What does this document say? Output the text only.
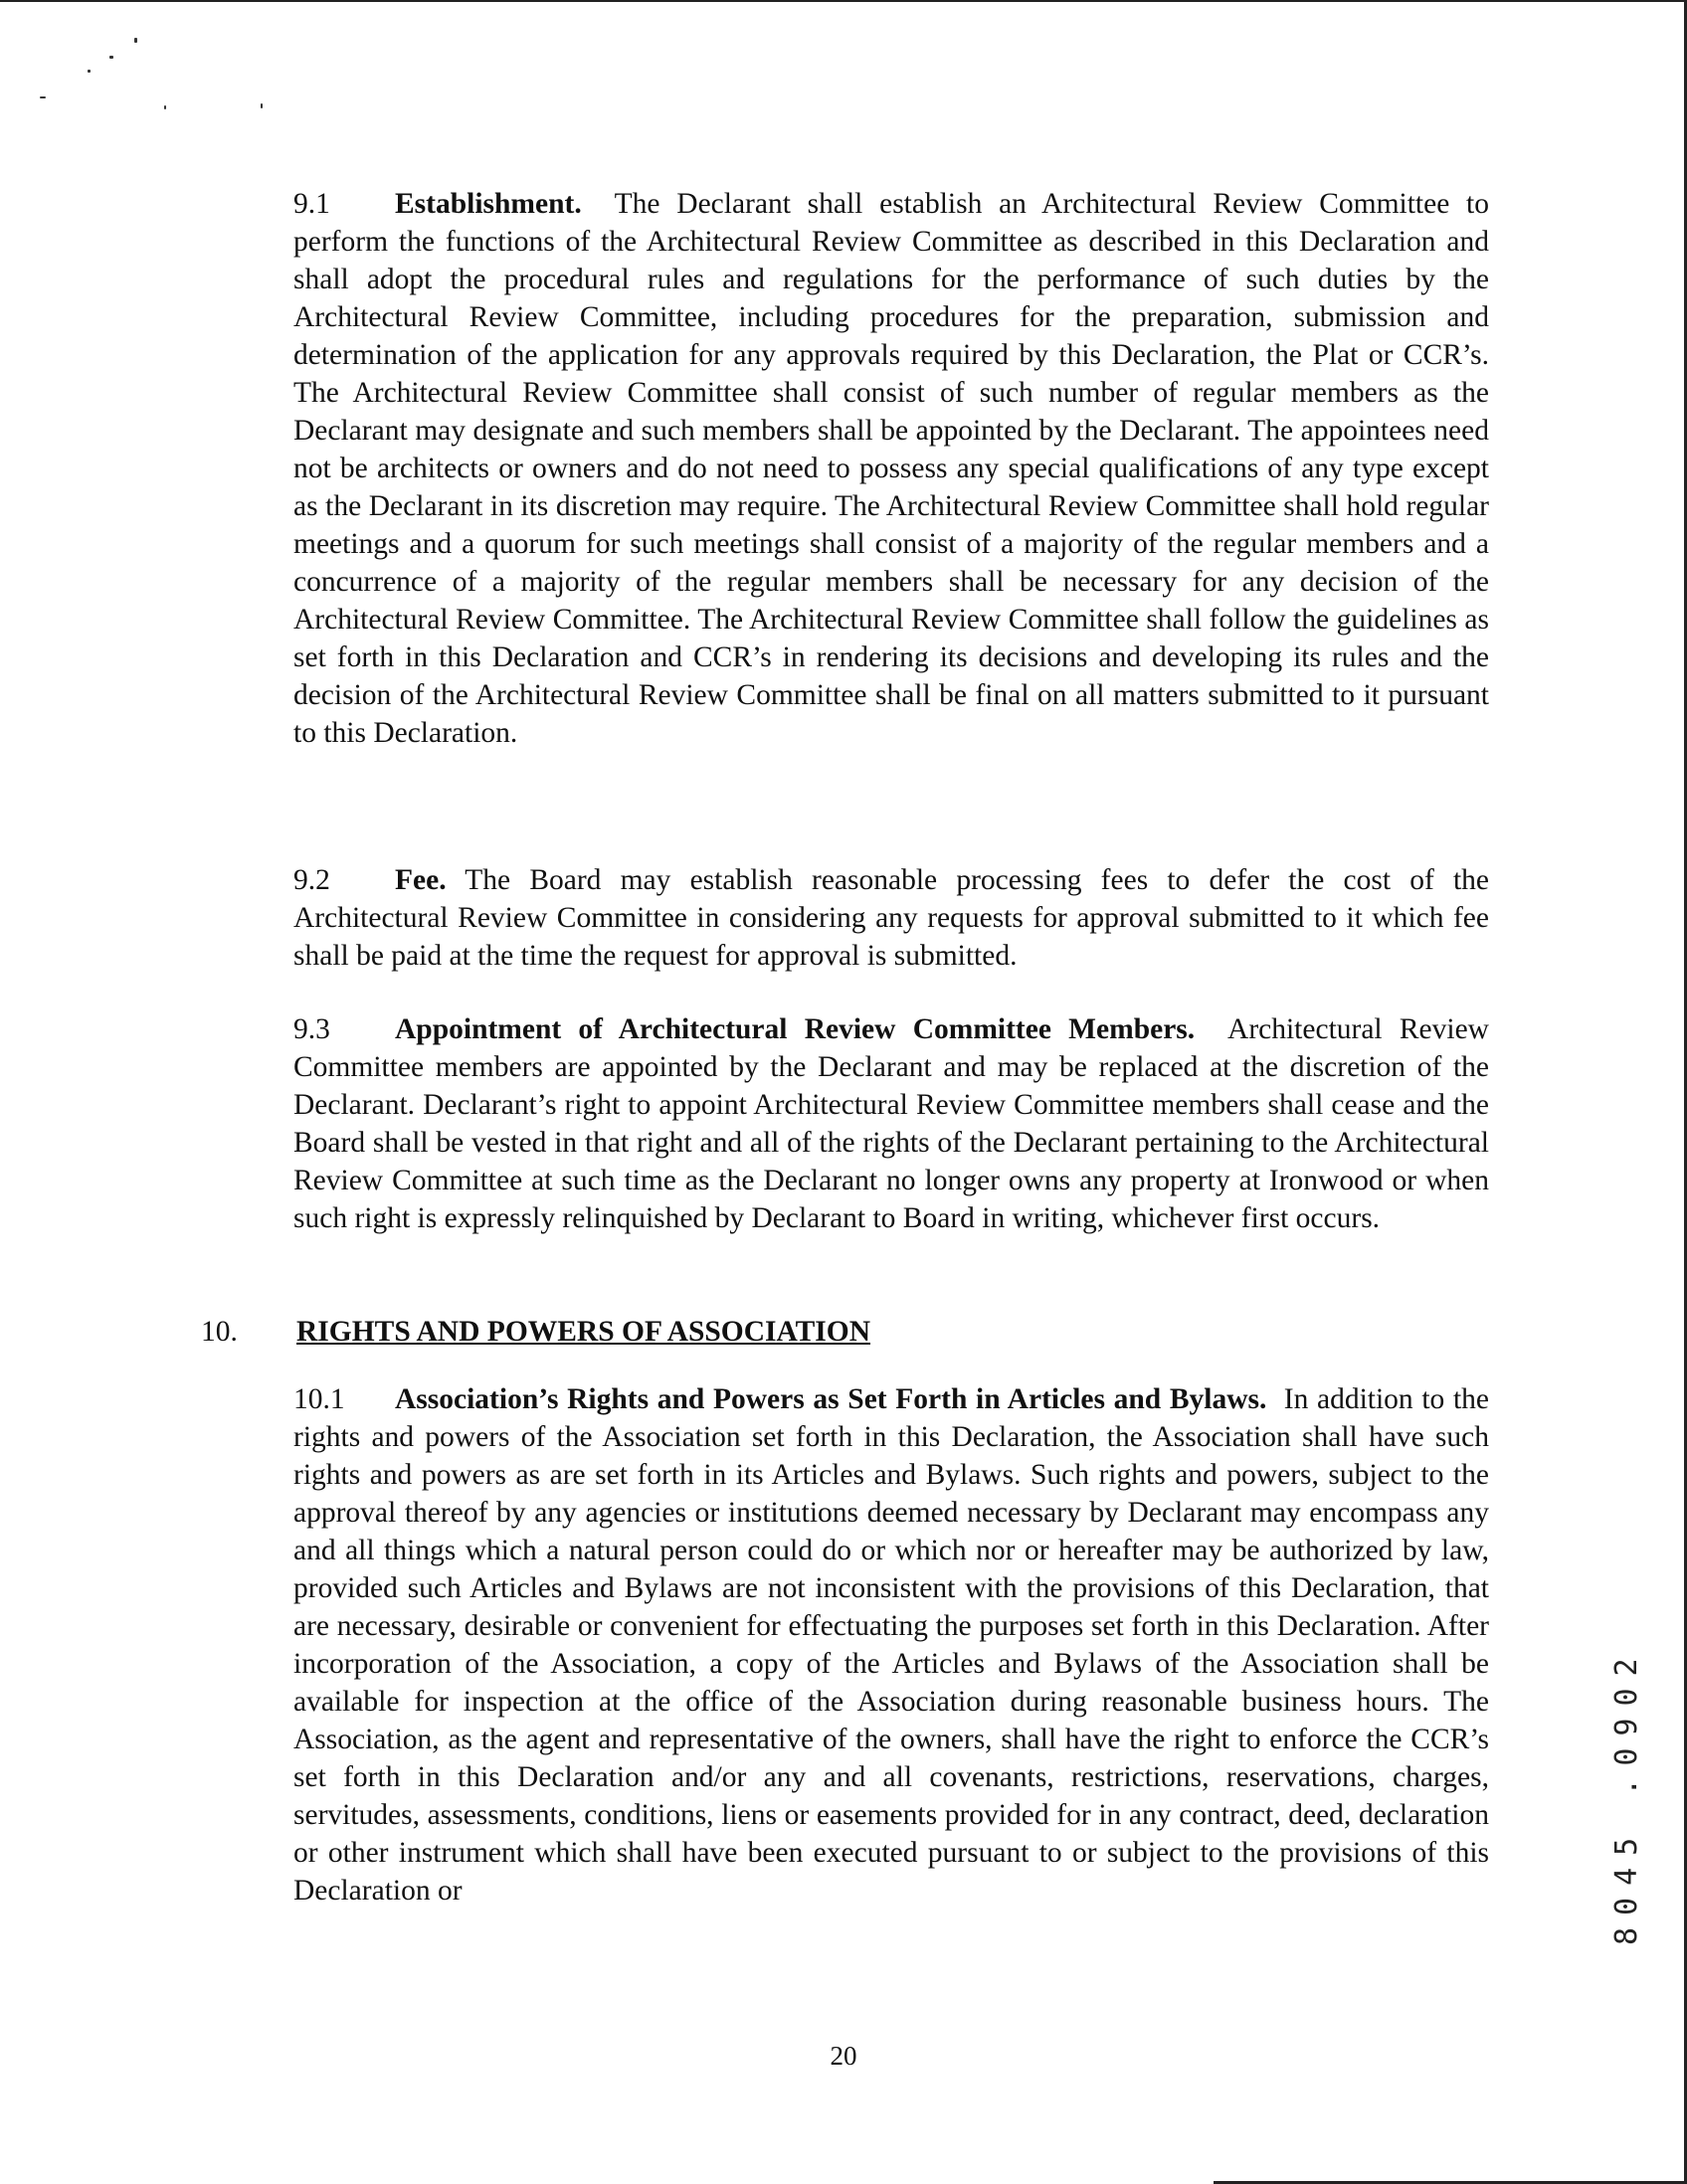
9.1 Establishment. The Declarant shall establish an Architectural Review Committee to perform the functions of the Architectural Review Committee as described in this Declaration and shall adopt the procedural rules and regulations for the performance of such duties by the Architectural Review Committee, including procedures for the preparation, submission and determination of the application for any approvals required by this Declaration, the Plat or CCR’s. The Architectural Review Committee shall consist of such number of regular members as the Declarant may designate and such members shall be appointed by the Declarant. The appointees need not be architects or owners and do not need to possess any special qualifications of any type except as the Declarant in its discretion may require. The Architectural Review Committee shall hold regular meetings and a quorum for such meetings shall consist of a majority of the regular members and a concurrence of a majority of the regular members shall be necessary for any decision of the Architectural Review Committee. The Architectural Review Committee shall follow the guidelines as set forth in this Declaration and CCR’s in rendering its decisions and developing its rules and the decision of the Architectural Review Committee shall be final on all matters submitted to it pursuant to this Declaration.
9.2 Fee. The Board may establish reasonable processing fees to defer the cost of the Architectural Review Committee in considering any requests for approval submitted to it which fee shall be paid at the time the request for approval is submitted.
9.3 Appointment of Architectural Review Committee Members. Architectural Review Committee members are appointed by the Declarant and may be replaced at the discretion of the Declarant. Declarant’s right to appoint Architectural Review Committee members shall cease and the Board shall be vested in that right and all of the rights of the Declarant pertaining to the Architectural Review Committee at such time as the Declarant no longer owns any property at Ironwood or when such right is expressly relinquished by Declarant to Board in writing, whichever first occurs.
10. RIGHTS AND POWERS OF ASSOCIATION
10.1 Association’s Rights and Powers as Set Forth in Articles and Bylaws. In addition to the rights and powers of the Association set forth in this Declaration, the Association shall have such rights and powers as are set forth in its Articles and Bylaws. Such rights and powers, subject to the approval thereof by any agencies or institutions deemed necessary by Declarant may encompass any and all things which a natural person could do or which nor or hereafter may be authorized by law, provided such Articles and Bylaws are not inconsistent with the provisions of this Declaration, that are necessary, desirable or convenient for effectuating the purposes set forth in this Declaration. After incorporation of the Association, a copy of the Articles and Bylaws of the Association shall be available for inspection at the office of the Association during reasonable business hours. The Association, as the agent and representative of the owners, shall have the right to enforce the CCR’s set forth in this Declaration and/or any and all covenants, restrictions, reservations, charges, servitudes, assessments, conditions, liens or easements provided for in any contract, deed, declaration or other instrument which shall have been executed pursuant to or subject to the provisions of this Declaration or
20
8045 .0902
